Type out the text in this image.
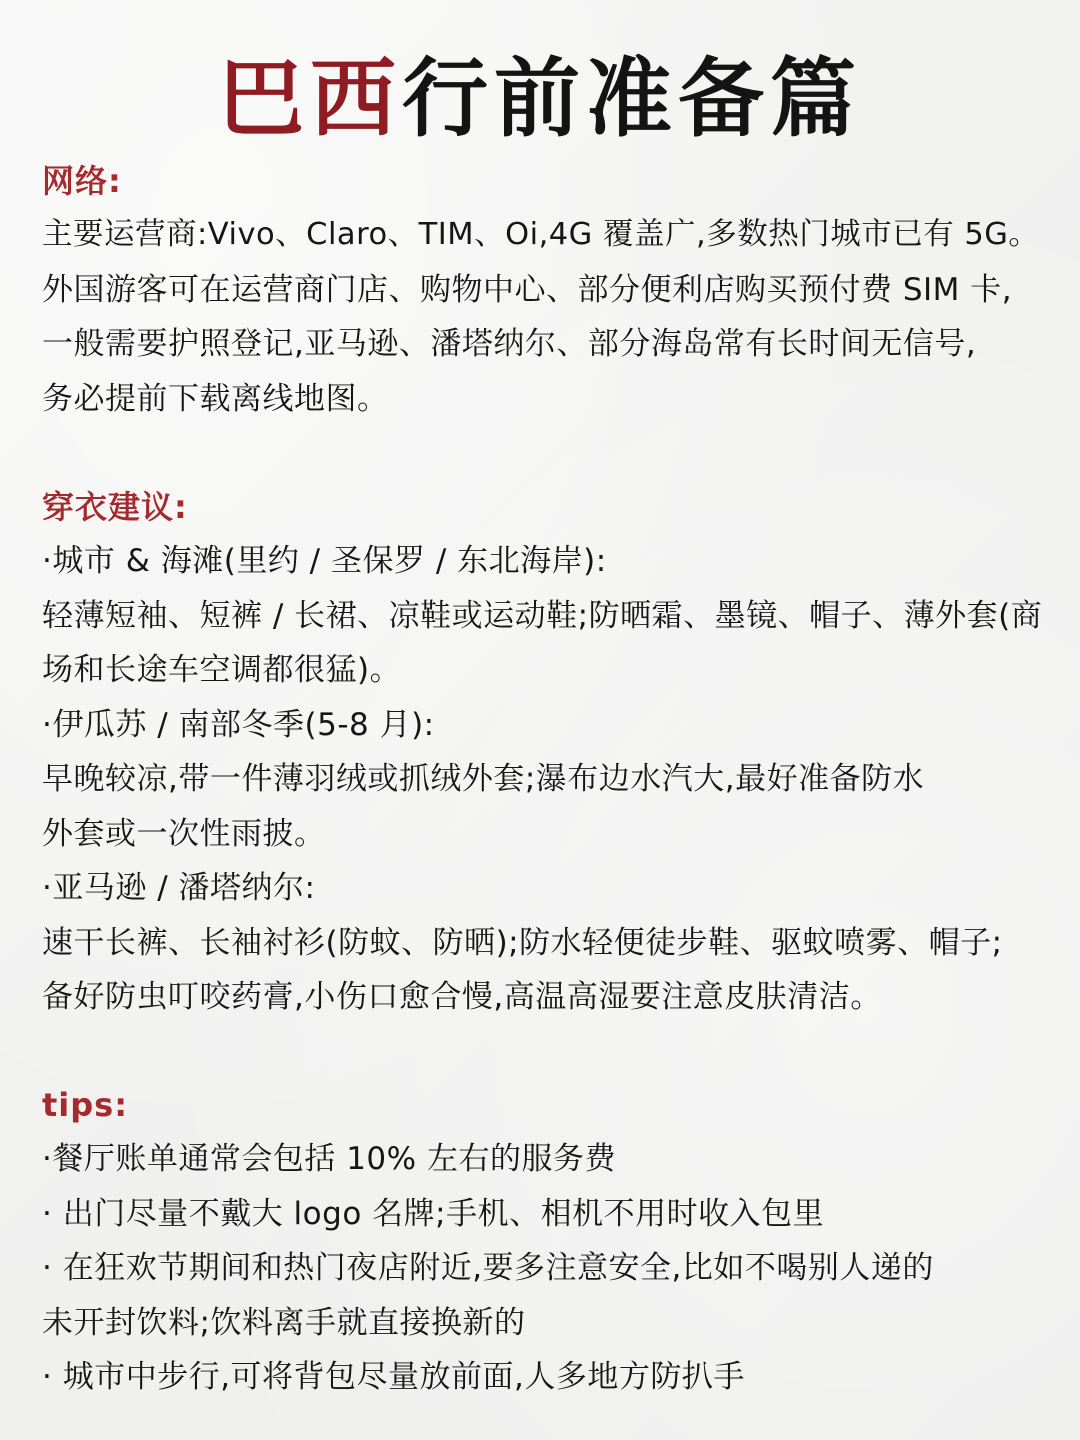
巴西行前准备篇
网络:
主要运营商:Vivo、Claro、TIM、Oi,4G 覆盖广,多数热门城市已有 5G。
外国游客可在运营商门店、购物中心、部分便利店购买预付费 SIM 卡,
一般需要护照登记,亚马逊、潘塔纳尔、部分海岛常有长时间无信号,
务必提前下载离线地图。
穿衣建议:
·城市 & 海滩(里约 / 圣保罗 / 东北海岸):
轻薄短袖、短裤 / 长裙、凉鞋或运动鞋;防晒霜、墨镜、帽子、薄外套(商
场和长途车空调都很猛)。
·伊瓜苏 / 南部冬季(5-8 月):
早晚较凉,带一件薄羽绒或抓绒外套;瀑布边水汽大,最好准备防水
外套或一次性雨披。
·亚马逊 / 潘塔纳尔:
速干长裤、长袖衬衫(防蚊、防晒);防水轻便徒步鞋、驱蚊喷雾、帽子;
备好防虫叮咬药膏,小伤口愈合慢,高温高湿要注意皮肤清洁。
tips:
·餐厅账单通常会包括 10% 左右的服务费
· 出门尽量不戴大 logo 名牌;手机、相机不用时收入包里
· 在狂欢节期间和热门夜店附近,要多注意安全,比如不喝别人递的
未开封饮料;饮料离手就直接换新的
· 城市中步行,可将背包尽量放前面,人多地方防扒手
